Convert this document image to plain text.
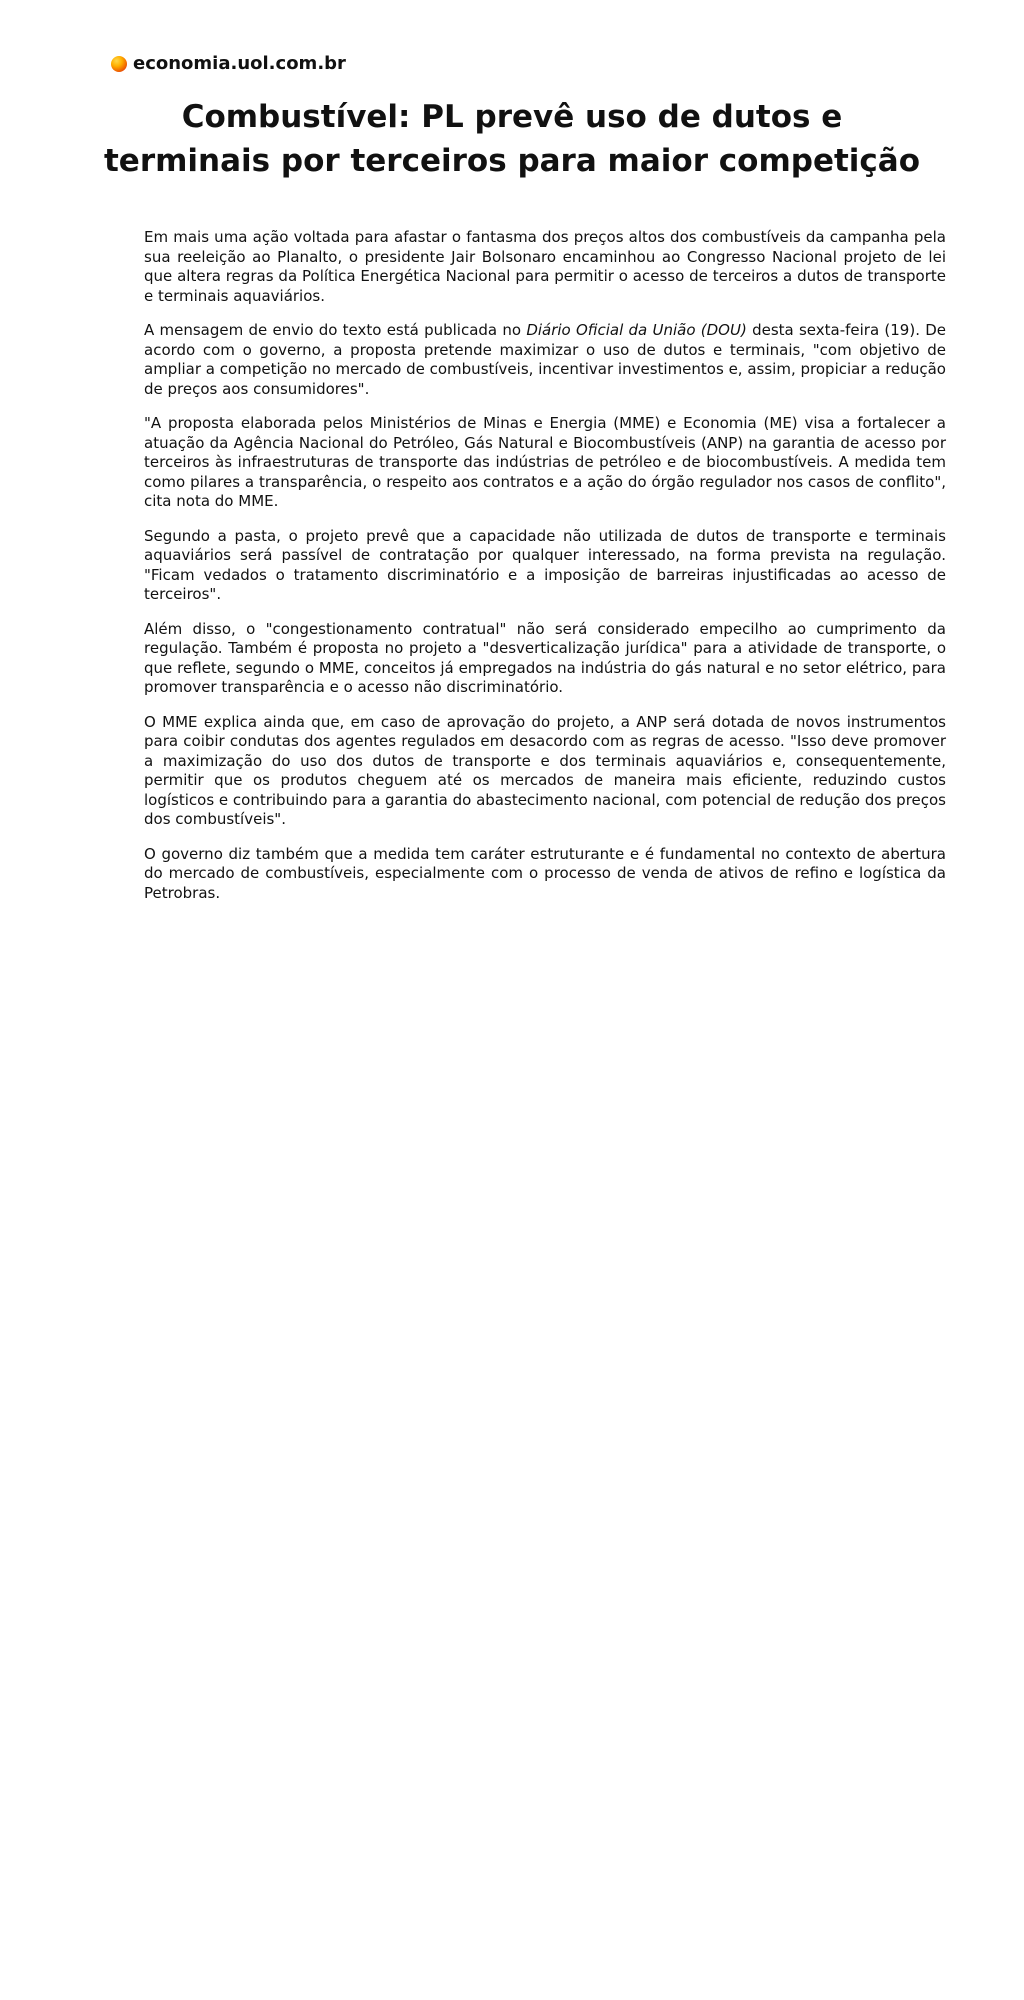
economia.uol.com.br
Combustível: PL prevê uso de dutos e terminais por terceiros para maior competição

Em mais uma ação voltada para afastar o fantasma dos preços altos dos combustíveis da campanha pela sua reeleição ao Planalto, o presidente Jair Bolsonaro encaminhou ao Congresso Nacional projeto de lei que altera regras da Política Energética Nacional para permitir o acesso de terceiros a dutos de transporte e terminais aquaviários.

A mensagem de envio do texto está publicada no Diário Oficial da União (DOU) desta sexta-feira (19). De acordo com o governo, a proposta pretende maximizar o uso de dutos e terminais, "com objetivo de ampliar a competição no mercado de combustíveis, incentivar investimentos e, assim, propiciar a redução de preços aos consumidores".

"A proposta elaborada pelos Ministérios de Minas e Energia (MME) e Economia (ME) visa a fortalecer a atuação da Agência Nacional do Petróleo, Gás Natural e Biocombustíveis (ANP) na garantia de acesso por terceiros às infraestruturas de transporte das indústrias de petróleo e de biocombustíveis. A medida tem como pilares a transparência, o respeito aos contratos e a ação do órgão regulador nos casos de conflito", cita nota do MME.

Segundo a pasta, o projeto prevê que a capacidade não utilizada de dutos de transporte e terminais aquaviários será passível de contratação por qualquer interessado, na forma prevista na regulação. "Ficam vedados o tratamento discriminatório e a imposição de barreiras injustificadas ao acesso de terceiros".

Além disso, o "congestionamento contratual" não será considerado empecilho ao cumprimento da regulação. Também é proposta no projeto a "desverticalização jurídica" para a atividade de transporte, o que reflete, segundo o MME, conceitos já empregados na indústria do gás natural e no setor elétrico, para promover transparência e o acesso não discriminatório.

O MME explica ainda que, em caso de aprovação do projeto, a ANP será dotada de novos instrumentos para coibir condutas dos agentes regulados em desacordo com as regras de acesso. "Isso deve promover a maximização do uso dos dutos de transporte e dos terminais aquaviários e, consequentemente, permitir que os produtos cheguem até os mercados de maneira mais eficiente, reduzindo custos logísticos e contribuindo para a garantia do abastecimento nacional, com potencial de redução dos preços dos combustíveis".

O governo diz também que a medida tem caráter estruturante e é fundamental no contexto de abertura do mercado de combustíveis, especialmente com o processo de venda de ativos de refino e logística da Petrobras.
